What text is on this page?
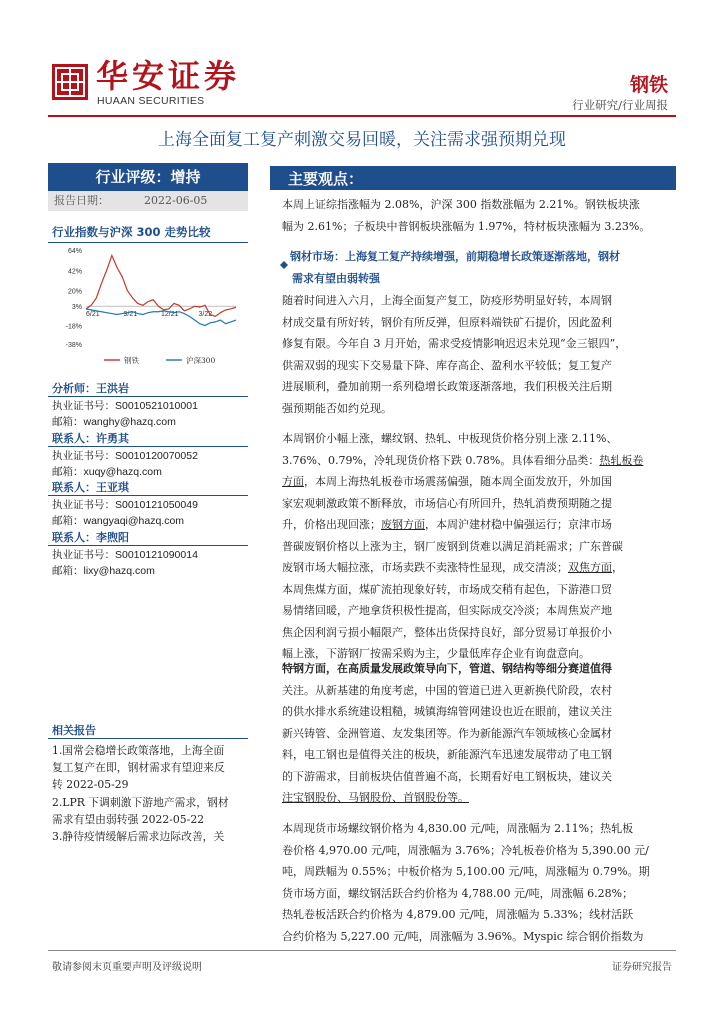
华安证券
HUAAN SECURITIES
钢铁
行业研究/行业周报
上海全面复工复产刺激交易回暖，关注需求强预期兑现
行业评级：增持
报告日期：	2022-06-05
行业指数与沪深 300 走势比较
64%
42%
20%
3%
-18%
-38%
6/21	9/21	12/21	3/22
钢铁	沪深300
分析师：王洪岩
执业证书号：S0010521010001
邮箱：wanghy@hazq.com
联系人：许勇其
执业证书号：S0010120070052
邮箱：xuqy@hazq.com
联系人：王亚琪
执业证书号：S0010121050049
邮箱：wangyaqi@hazq.com
联系人：李煦阳
执业证书号：S0010121090014
邮箱：lixy@hazq.com
相关报告
1.国常会稳增长政策落地，上海全面
复工复产在即，钢材需求有望迎来反
转 2022-05-29
2.LPR 下调刺激下游地产需求，钢材
需求有望由弱转强 2022-05-22
3.静待疫情缓解后需求边际改善，关
主要观点：
本周上证综指涨幅为 2.08%，沪深 300 指数涨幅为 2.21%。钢铁板块涨
幅为 2.61%；子板块中普钢板块涨幅为 1.97%，特材板块涨幅为 3.23%。
钢材市场：上海复工复产持续增强，前期稳增长政策逐渐落地，钢材
需求有望由弱转强
随着时间进入六月，上海全面复产复工，防疫形势明显好转，本周钢
材成交量有所好转，钢价有所反弹，但原料端铁矿石提价，因此盈利
修复有限。今年自 3 月开始，需求受疫情影响迟迟未兑现“金三银四”，
供需双弱的现实下交易量下降、库存高企、盈利水平较低；复工复产
进展顺利，叠加前期一系列稳增长政策逐渐落地，我们积极关注后期
强预期能否如约兑现。
本周钢价小幅上涨，螺纹钢、热轧、中板现货价格分别上涨 2.11%、
3.76%、0.79%，冷轧现货价格下跌 0.78%。具体看细分品类：热轧板卷
方面，本周上海热轧板卷市场震荡偏强，随本周全面发放开，外加国
家宏观刺激政策不断释放，市场信心有所回升，热轧消费预期随之提
升，价格出现回涨；废钢方面，本周沪建材稳中偏强运行；京津市场
普碳废钢价格以上涨为主，钢厂废钢到货难以满足消耗需求；广东普碳
废钢市场大幅拉涨，市场卖跌不卖涨特性显现，成交清淡；双焦方面，
本周焦煤方面，煤矿流拍现象好转，市场成交稍有起色，下游港口贸
易情绪回暖，产地拿货积极性提高，但实际成交冷淡；本周焦炭产地
焦企因利润亏损小幅限产，整体出货保持良好，部分贸易订单报价小
幅上涨，下游钢厂按需采购为主，少量低库存企业有询盘意向。
特钢方面，在高质量发展政策导向下，管道、钢结构等细分赛道值得
关注。从新基建的角度考虑，中国的管道已进入更新换代阶段，农村
的供水排水系统建设粗糙，城镇海绵管网建设也近在眼前，建议关注
新兴铸管、金洲管道、友发集团等。作为新能源汽车领域核心金属材
料，电工钢也是值得关注的板块，新能源汽车迅速发展带动了电工钢
的下游需求，目前板块估值普遍不高，长期看好电工钢板块，建议关
注宝钢股份、马钢股份、首钢股份等。
本周现货市场螺纹钢价格为 4,830.00 元/吨，周涨幅为 2.11%；热轧板
卷价格 4,970.00 元/吨，周涨幅为 3.76%；冷轧板卷价格为 5,390.00 元/
吨，周跌幅为 0.55%；中板价格为 5,100.00 元/吨，周涨幅为 0.79%。期
货市场方面，螺纹钢活跃合约价格为 4,788.00 元/吨，周涨幅 6.28%；
热轧卷板活跃合约价格为 4,879.00 元/吨，周涨幅为 5.33%；线材活跃
合约价格为 5,227.00 元/吨，周涨幅为 3.96%。Myspic 综合钢价指数为
敬请参阅末页重要声明及评级说明	证券研究报告
